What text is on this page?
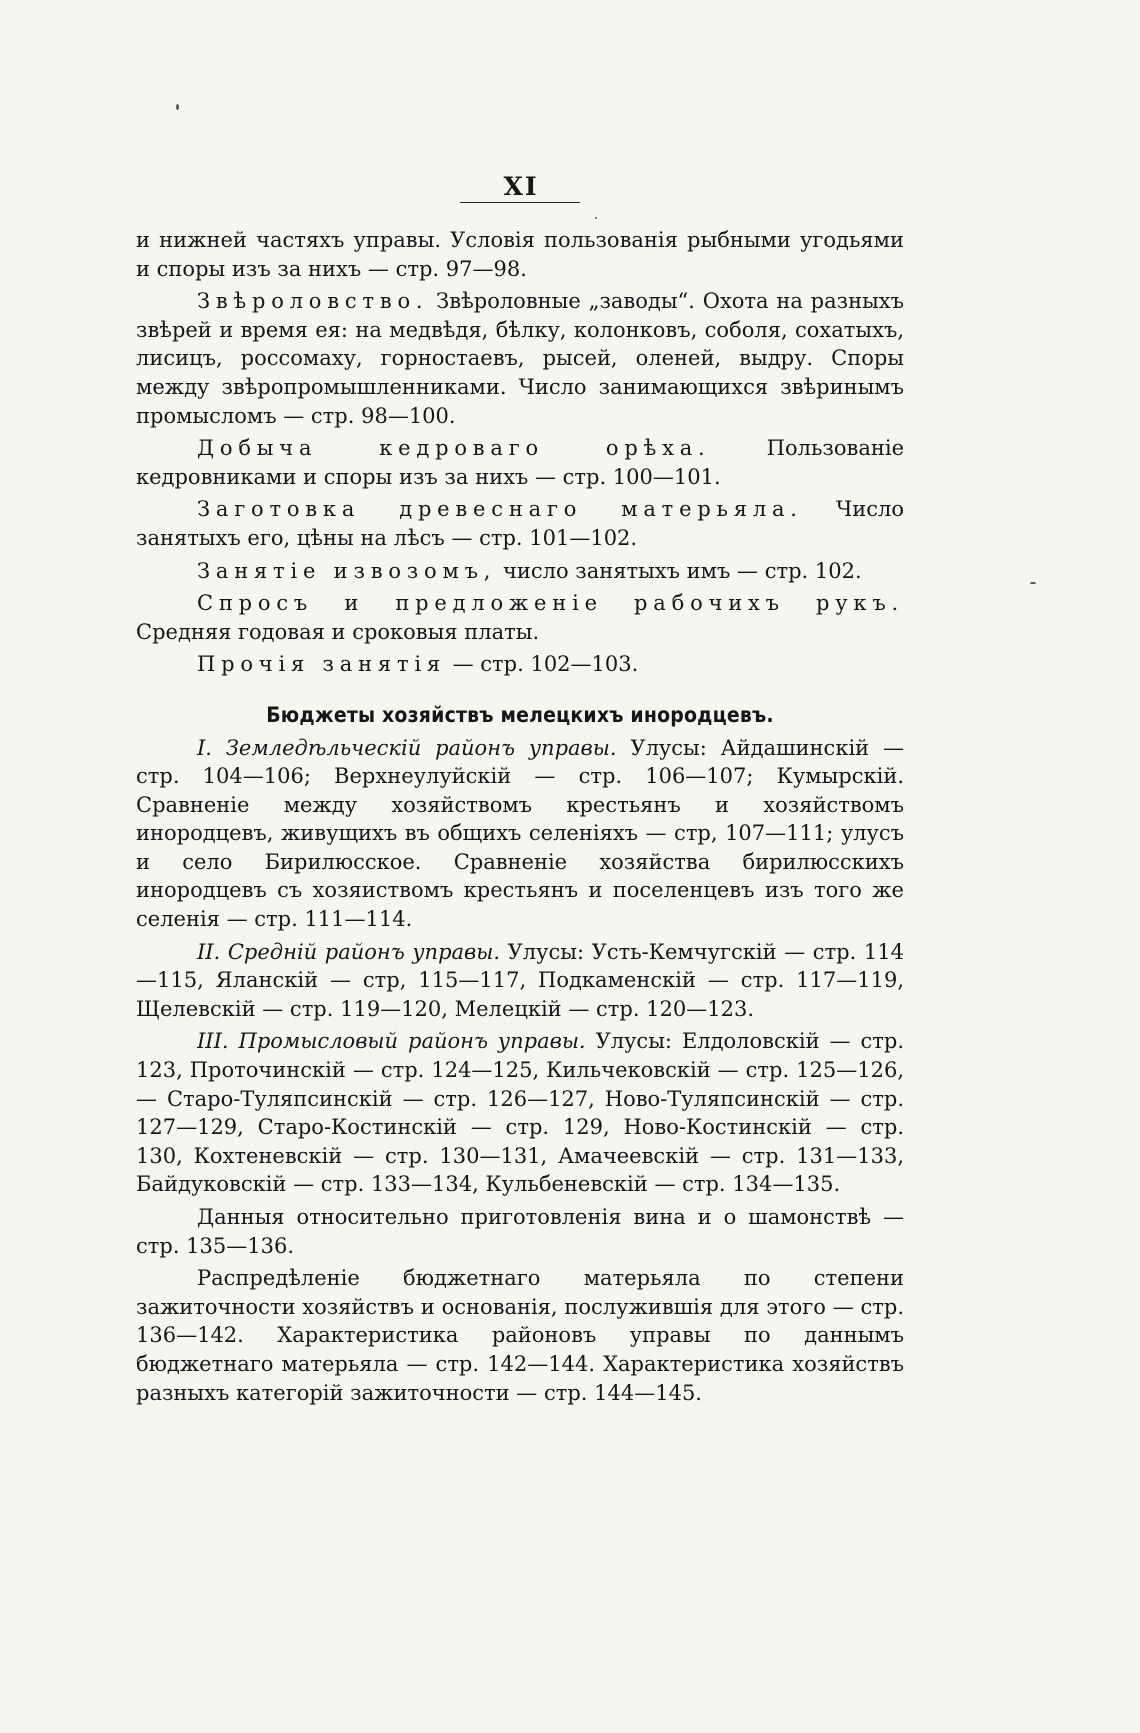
XI

и нижней частяхъ управы. Условія пользованія рыбными угодьями и споры изъ за нихъ — стр. 97—98.

Звѣроловство. Звѣроловные „заводы“. Охота на разныхъ звѣрей и время ея: на медвѣдя, бѣлку, колонковъ, соболя, сохатыхъ, лисицъ, россомаху, горностаевъ, рысей, оленей, выдру. Споры между звѣропромышленниками. Число занимающихся звѣринымъ промысломъ — стр. 98—100.

Добыча кедроваго орѣха. Пользованіе кедровниками и споры изъ за нихъ — стр. 100—101.

Заготовка древеснаго матерьяла. Число занятыхъ его, цѣны на лѣсъ — стр. 101—102.

Занятіе извозомъ, число занятыхъ имъ — стр. 102.

Спросъ и предложеніе рабочихъ рукъ. Средняя годовая и сроковыя платы.

Прочія занятія — стр. 102—103.

Бюджеты хозяйствъ мелецкихъ инородцевъ.

I. Земледѣльческій районъ управы. Улусы: Айдашинскій — стр. 104—106; Верхнеулуйскій — стр. 106—107; Кумырскій. Сравненіе между хозяйствомъ крестьянъ и хозяйствомъ инородцевъ, живущихъ въ общихъ селеніяхъ — стр, 107—111; улусъ и село Бирилюсское. Сравненіе хозяйства бирилюсскихъ инородцевъ съ хозяиствомъ крестьянъ и поселенцевъ изъ того же селенія — стр. 111—114.

II. Средній районъ управы. Улусы: Усть-Кемчугскій — стр. 114—115, Яланскій — стр, 115—117, Подкаменскій — стр. 117—119, Щелевскій — стр. 119—120, Мелецкій — стр. 120—123.

III. Промысловый районъ управы. Улусы: Елдоловскій — стр. 123, Проточинскій — стр. 124—125, Кильчековскій — стр. 125—126, — Старо-Туляпсинскій — стр. 126—127, Ново-Туляпсинскій — стр. 127—129, Старо-Костинскій — стр. 129, Ново-Костинскій — стр. 130, Кохтеневскій — стр. 130—131, Амачеевскій — стр. 131—133, Байдуковскій — стр. 133—134, Кульбеневскій — стр. 134—135.

Данныя относительно приготовленія вина и о шамонствѣ — стр. 135—136.

Распредѣленіе бюджетнаго матерьяла по степени зажиточности хозяйствъ и основанія, послужившія для этого — стр. 136—142. Характеристика районовъ управы по даннымъ бюджетнаго матерьяла — стр. 142—144. Характеристика хозяйствъ разныхъ категорій зажиточности — стр. 144—145.
